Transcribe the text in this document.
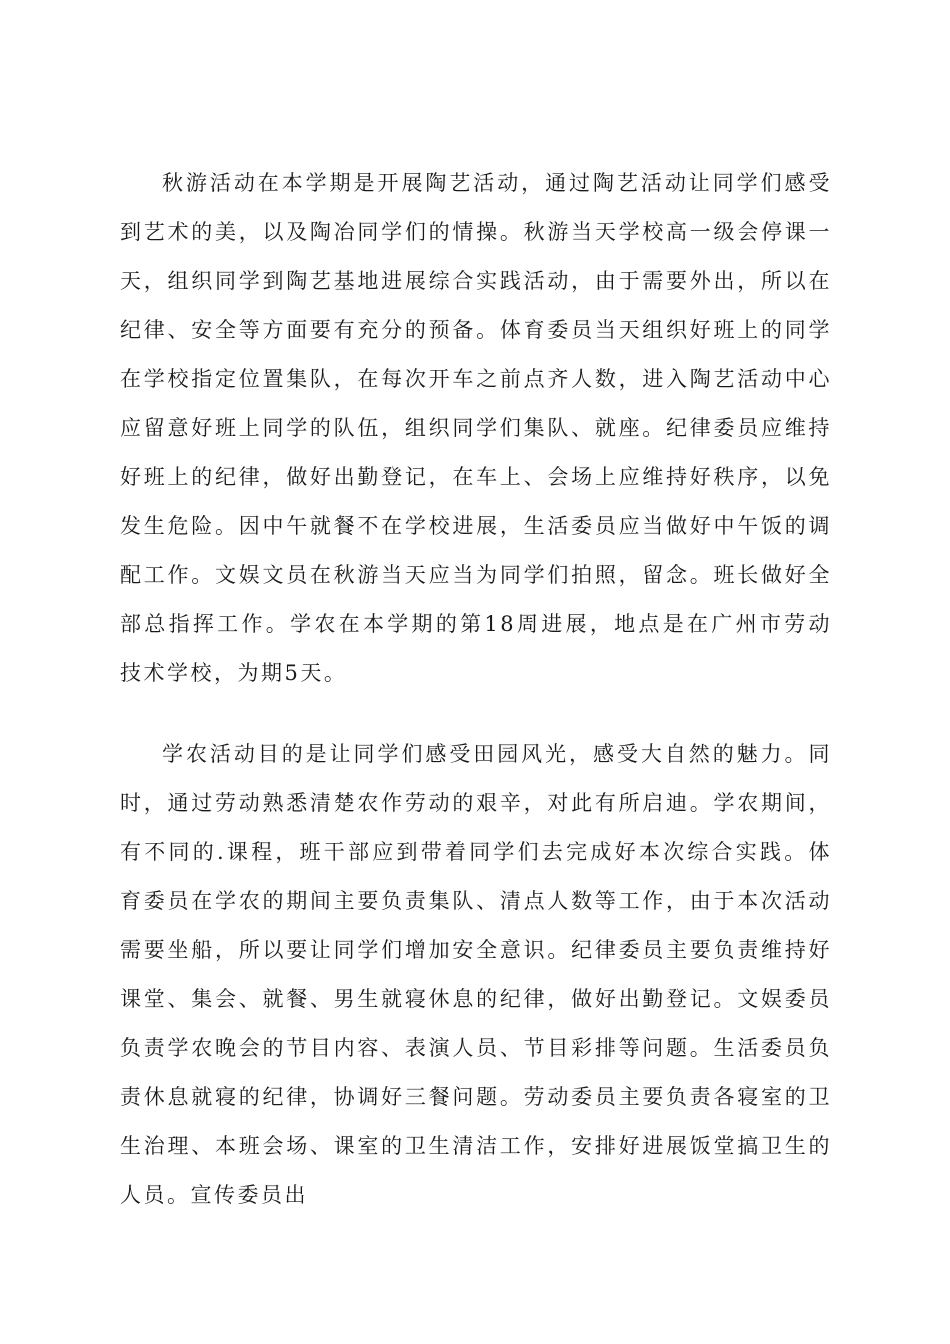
秋游活动在本学期是开展陶艺活动，通过陶艺活动让同学们感受到艺术的美，以及陶冶同学们的情操。秋游当天学校高一级会停课一天，组织同学到陶艺基地进展综合实践活动，由于需要外出，所以在纪律、安全等方面要有充分的预备。体育委员当天组织好班上的同学在学校指定位置集队，在每次开车之前点齐人数，进入陶艺活动中心应留意好班上同学的队伍，组织同学们集队、就座。纪律委员应维持好班上的纪律，做好出勤登记，在车上、会场上应维持好秩序，以免发生危险。因中午就餐不在学校进展，生活委员应当做好中午饭的调配工作。文娱文员在秋游当天应当为同学们拍照，留念。班长做好全部总指挥工作。学农在本学期的第18周进展，地点是在广州市劳动技术学校，为期5天。

学农活动目的是让同学们感受田园风光，感受大自然的魅力。同时，通过劳动熟悉清楚农作劳动的艰辛，对此有所启迪。学农期间，有不同的.课程，班干部应到带着同学们去完成好本次综合实践。体育委员在学农的期间主要负责集队、清点人数等工作，由于本次活动需要坐船，所以要让同学们增加安全意识。纪律委员主要负责维持好课堂、集会、就餐、男生就寝休息的纪律，做好出勤登记。文娱委员负责学农晚会的节目内容、表演人员、节目彩排等问题。生活委员负责休息就寝的纪律，协调好三餐问题。劳动委员主要负责各寝室的卫生治理、本班会场、课室的卫生清洁工作，安排好进展饭堂搞卫生的人员。宣传委员出
